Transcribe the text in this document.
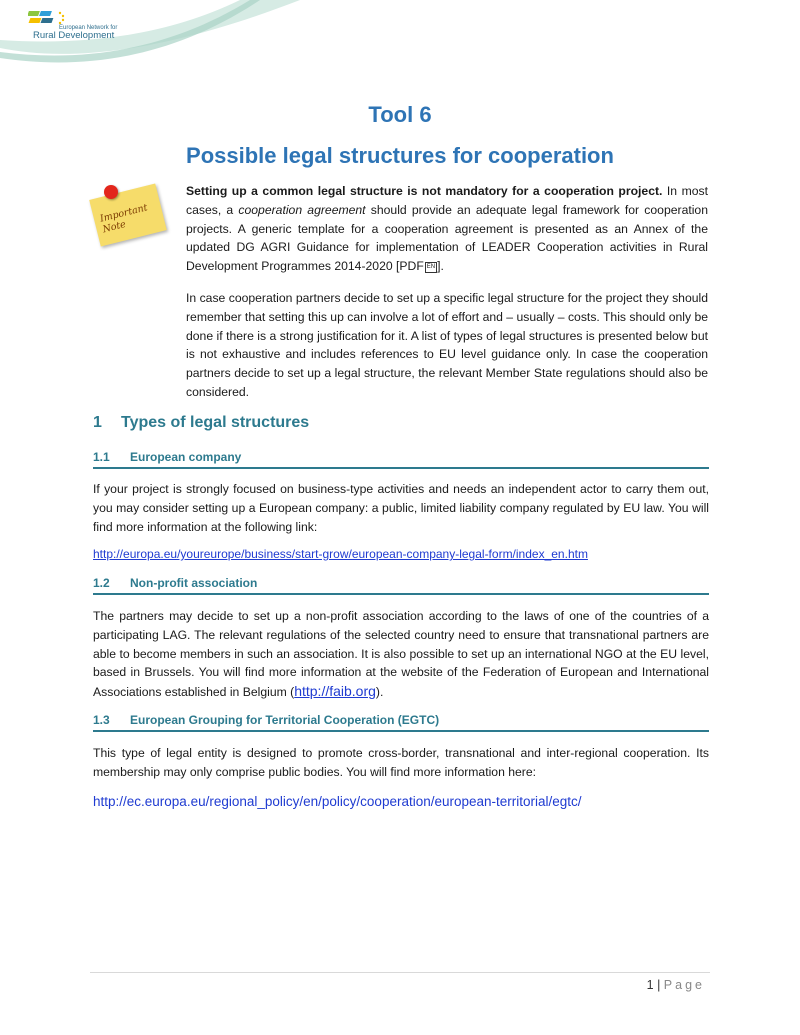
European Network for
Rural Development
Tool 6
Possible legal structures for cooperation
Important Note

Setting up a common legal structure is not mandatory for a cooperation project. In most cases, a cooperation agreement should provide an adequate legal framework for cooperation projects. A generic template for a cooperation agreement is presented as an Annex of the updated DG AGRI Guidance for implementation of LEADER Cooperation activities in Rural Development Programmes 2014-2020 [PDF EN ].

In case cooperation partners decide to set up a specific legal structure for the project they should remember that setting this up can involve a lot of effort and – usually – costs. This should only be done if there is a strong justification for it. A list of types of legal structures is presented below but is not exhaustive and includes references to EU level guidance only. In case the cooperation partners decide to set up a legal structure, the relevant Member State regulations should also be considered.

1 Types of legal structures
1.1 European company

If your project is strongly focused on business-type activities and needs an independent actor to carry them out, you may consider setting up a European company: a public, limited liability company regulated by EU law. You will find more information at the following link:

http://europa.eu/youreurope/business/start-grow/european-company-legal-form/index_en.htm
1.2 Non-profit association

The partners may decide to set up a non-profit association according to the laws of one of the countries of a participating LAG. The relevant regulations of the selected country need to ensure that transnational partners are able to become members in such an association. It is also possible to set up an international NGO at the EU level, based in Brussels. You will find more information at the website of the Federation of European and International Associations established in Belgium (http://faib.org).

1.3 European Grouping for Territorial Cooperation (EGTC)

This type of legal entity is designed to promote cross-border, transnational and inter-regional cooperation. Its membership may only comprise public bodies. You will find more information here:

http://ec.europa.eu/regional_policy/en/policy/cooperation/european-territorial/egtc/
1 | Page
